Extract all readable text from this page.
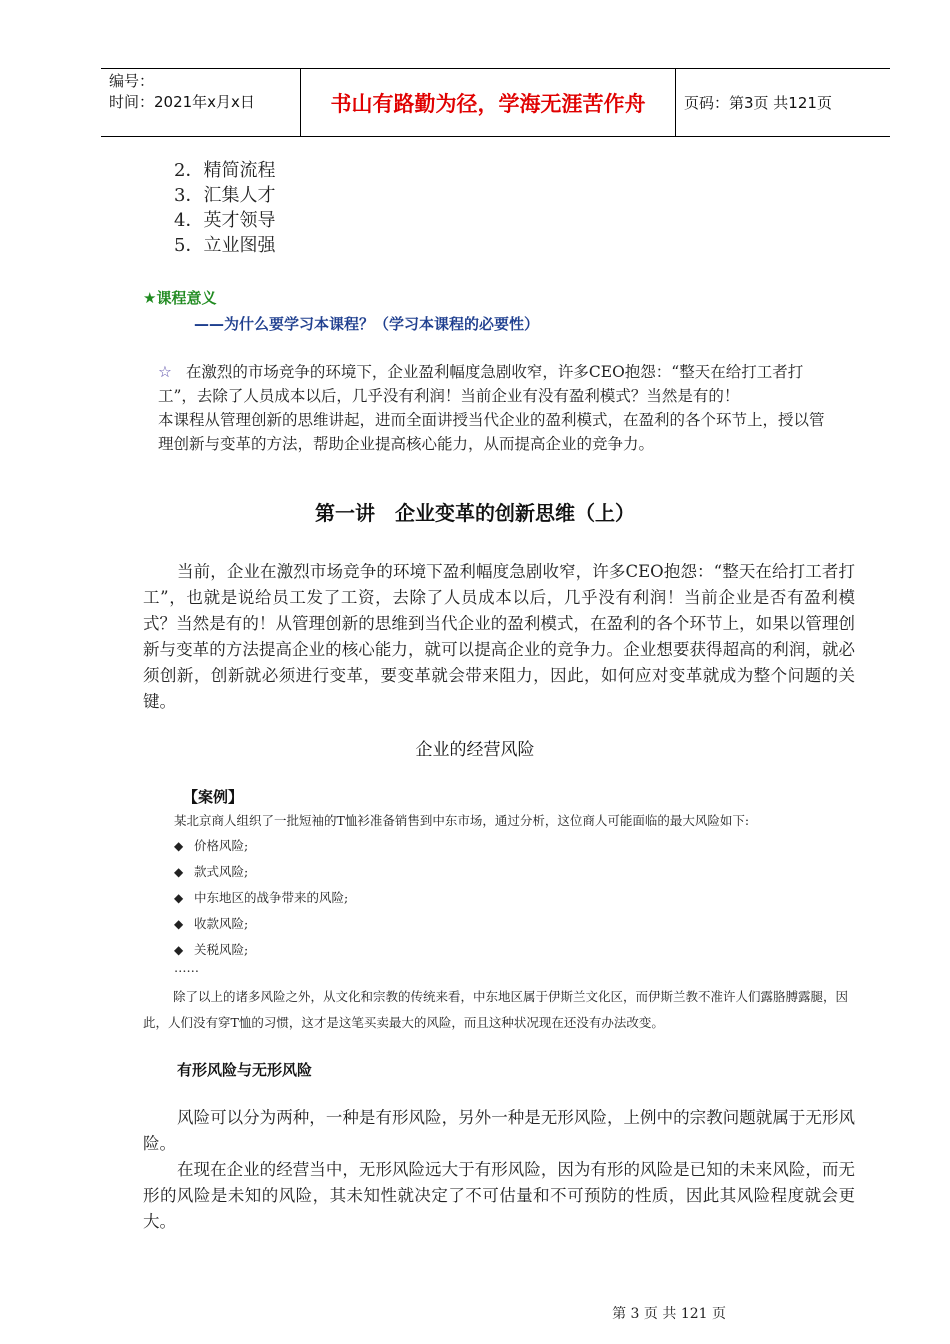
编号：
时间：2021年x月x日	书山有路勤为径，学海无涯苦作舟	页码：第3页 共121页
2．精简流程
3．汇集人才
4．英才领导
5．立业图强
★课程意义
——为什么要学习本课程？（学习本课程的必要性）
☆ 在激烈的市场竞争的环境下，企业盈利幅度急剧收窄，许多CEO抱怨：“整天在给打工者打工”，去除了人员成本以后，几乎没有利润！当前企业有没有盈利模式？当然是有的！
本课程从管理创新的思维讲起，进而全面讲授当代企业的盈利模式，在盈利的各个环节上，授以管理创新与变革的方法，帮助企业提高核心能力，从而提高企业的竞争力。
第一讲　企业变革的创新思维（上）
当前，企业在激烈市场竞争的环境下盈利幅度急剧收窄，许多CEO抱怨：“整天在给打工者打工”，也就是说给员工发了工资，去除了人员成本以后，几乎没有利润！当前企业是否有盈利模式？当然是有的！从管理创新的思维到当代企业的盈利模式，在盈利的各个环节上，如果以管理创新与变革的方法提高企业的核心能力，就可以提高企业的竞争力。企业想要获得超高的利润，就必须创新，创新就必须进行变革，要变革就会带来阻力，因此，如何应对变革就成为整个问题的关键。
企业的经营风险
【案例】
某北京商人组织了一批短袖的T恤衫准备销售到中东市场，通过分析，这位商人可能面临的最大风险如下:
◆ 价格风险;
◆ 款式风险;
◆ 中东地区的战争带来的风险;
◆ 收款风险;
◆ 关税风险;
……
除了以上的诸多风险之外，从文化和宗教的传统来看，中东地区属于伊斯兰文化区，而伊斯兰教不准许人们露胳膊露腿，因此，人们没有穿T恤的习惯，这才是这笔买卖最大的风险，而且这种状况现在还没有办法改变。
有形风险与无形风险
风险可以分为两种，一种是有形风险，另外一种是无形风险，上例中的宗教问题就属于无形风险。
在现在企业的经营当中，无形风险远大于有形风险，因为有形的风险是已知的未来风险，而无形的风险是未知的风险，其未知性就决定了不可估量和不可预防的性质，因此其风险程度就会更大。
第 3 页 共 121 页
